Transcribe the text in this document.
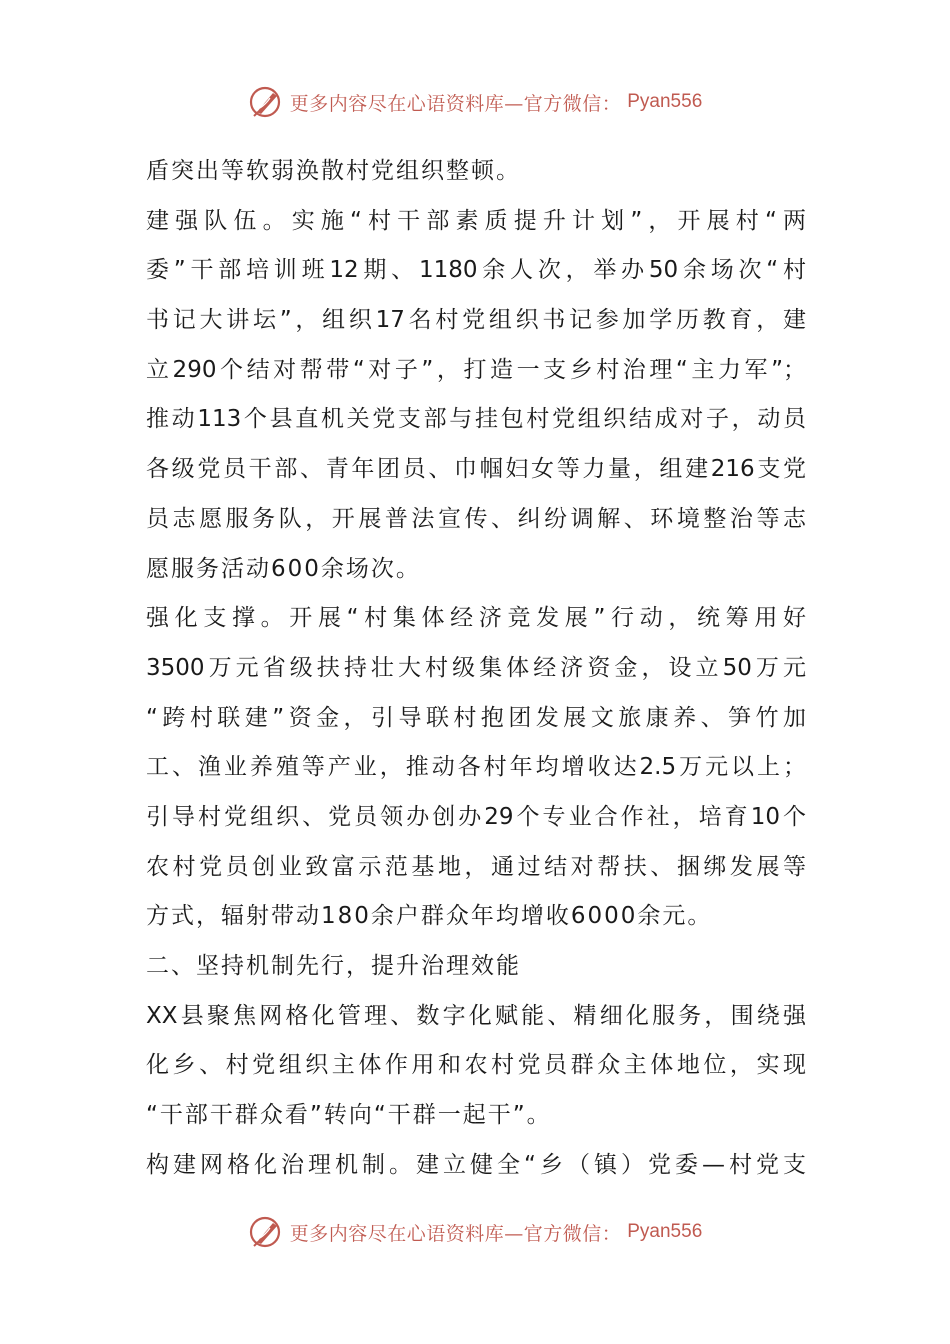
更多内容尽在心语资料库—官方微信： Pyan556
盾突出等软弱涣散村党组织整顿。
建强队伍。实施“村干部素质提升计划”，开展村“两
委”干部培训班12期、1180余人次，举办50余场次“村
书记大讲坛”，组织17名村党组织书记参加学历教育，建
立290个结对帮带“对子”，打造一支乡村治理“主力军”；
推动113个县直机关党支部与挂包村党组织结成对子，动员
各级党员干部、青年团员、巾帼妇女等力量，组建216支党
员志愿服务队，开展普法宣传、纠纷调解、环境整治等志
愿服务活动600余场次。
强化支撑。开展“村集体经济竞发展”行动，统筹用好
3500万元省级扶持壮大村级集体经济资金，设立50万元
“跨村联建”资金，引导联村抱团发展文旅康养、笋竹加
工、渔业养殖等产业，推动各村年均增收达2.5万元以上；
引导村党组织、党员领办创办29个专业合作社，培育10个
农村党员创业致富示范基地，通过结对帮扶、捆绑发展等
方式，辐射带动180余户群众年均增收6000余元。
二、坚持机制先行，提升治理效能
XX县聚焦网格化管理、数字化赋能、精细化服务，围绕强
化乡、村党组织主体作用和农村党员群众主体地位，实现
“干部干群众看”转向“干群一起干”。
构建网格化治理机制。建立健全“乡（镇）党委—村党支
更多内容尽在心语资料库—官方微信： Pyan556
